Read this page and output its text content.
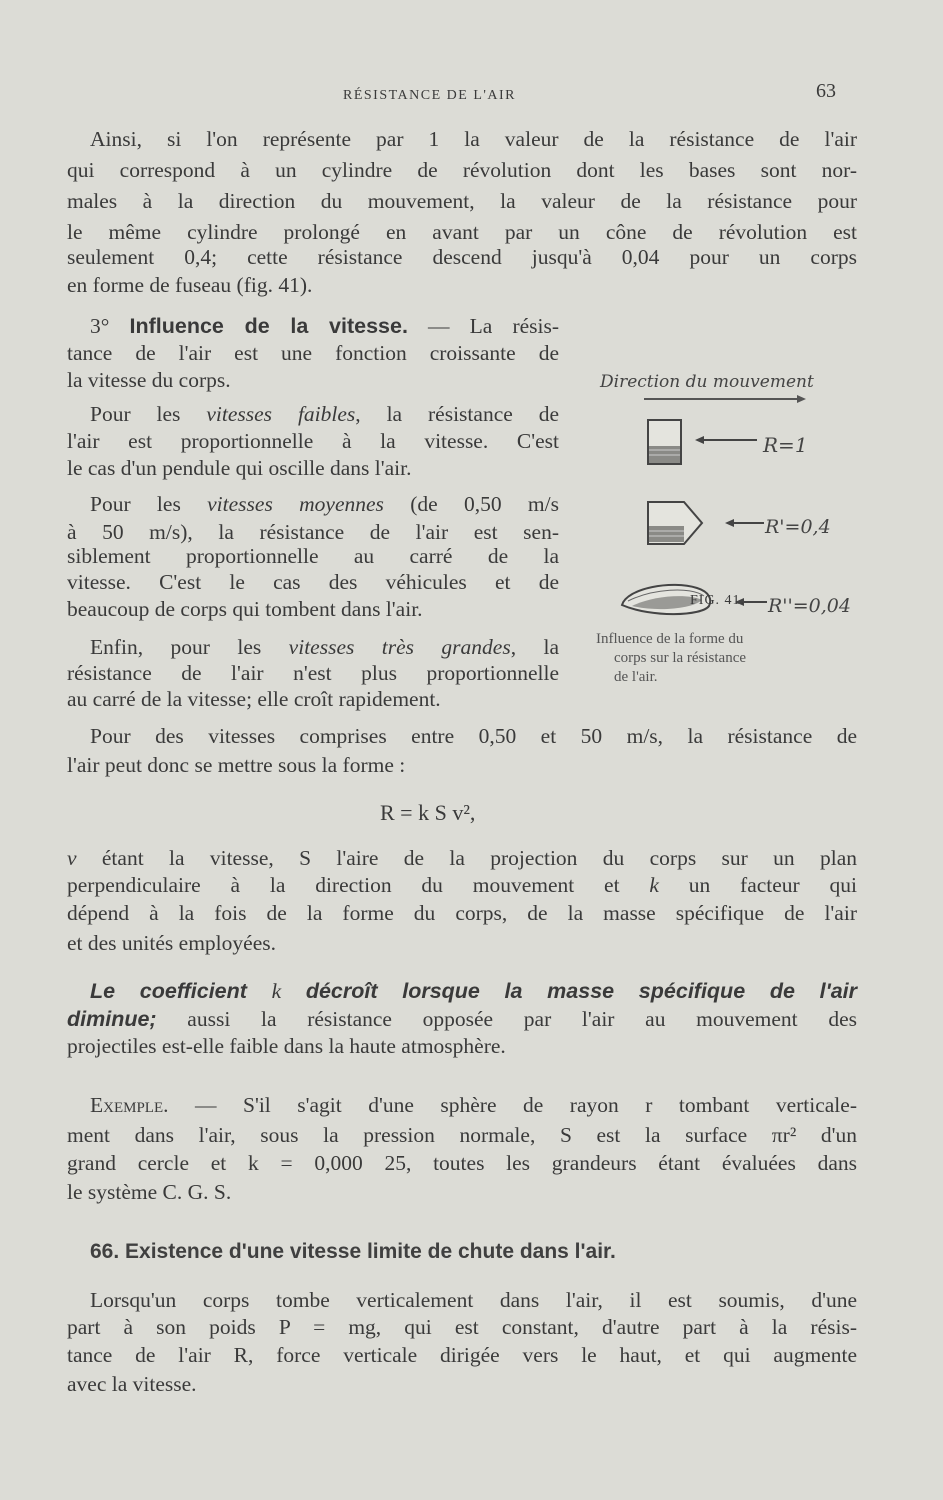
RÉSISTANCE DE L'AIR	63
Ainsi, si l'on représente par 1 la valeur de la résistance de l'air
qui correspond à un cylindre de révolution dont les bases sont nor-
males à la direction du mouvement, la valeur de la résistance pour
le même cylindre prolongé en avant par un cône de révolution est
seulement 0,4; cette résistance descend jusqu'à 0,04 pour un corps
en forme de fuseau (fig. 41).
3° Influence de la vitesse. — La résis-
tance de l'air est une fonction croissante de
la vitesse du corps.
Pour les vitesses faibles, la résistance de
l'air est proportionnelle à la vitesse. C'est
le cas d'un pendule qui oscille dans l'air.
Pour les vitesses moyennes (de 0,50 m/s
à 50 m/s), la résistance de l'air est sen-
siblement proportionnelle au carré de la
vitesse. C'est le cas des véhicules et de
beaucoup de corps qui tombent dans l'air.
Enfin, pour les vitesses très grandes, la
résistance de l'air n'est plus proportionnelle
au carré de la vitesse; elle croît rapidement.
Direction du mouvement
R=1
R'=0,4
R''=0,04
FIG. 41.
Influence de la forme du
corps sur la résistance
de l'air.
Pour des vitesses comprises entre 0,50 et 50 m/s, la résistance de
l'air peut donc se mettre sous la forme :
R = k S v²,
v étant la vitesse, S l'aire de la projection du corps sur un plan
perpendiculaire à la direction du mouvement et k un facteur qui
dépend à la fois de la forme du corps, de la masse spécifique de l'air
et des unités employées.
Le coefficient k décroît lorsque la masse spécifique de l'air
diminue; aussi la résistance opposée par l'air au mouvement des
projectiles est-elle faible dans la haute atmosphère.
Exemple. — S'il s'agit d'une sphère de rayon r tombant verticale-
ment dans l'air, sous la pression normale, S est la surface πr² d'un
grand cercle et k = 0,000 25, toutes les grandeurs étant évaluées dans
le système C. G. S.
66. Existence d'une vitesse limite de chute dans l'air.
Lorsqu'un corps tombe verticalement dans l'air, il est soumis, d'une
part à son poids P = mg, qui est constant, d'autre part à la résis-
tance de l'air R, force verticale dirigée vers le haut, et qui augmente
avec la vitesse.
